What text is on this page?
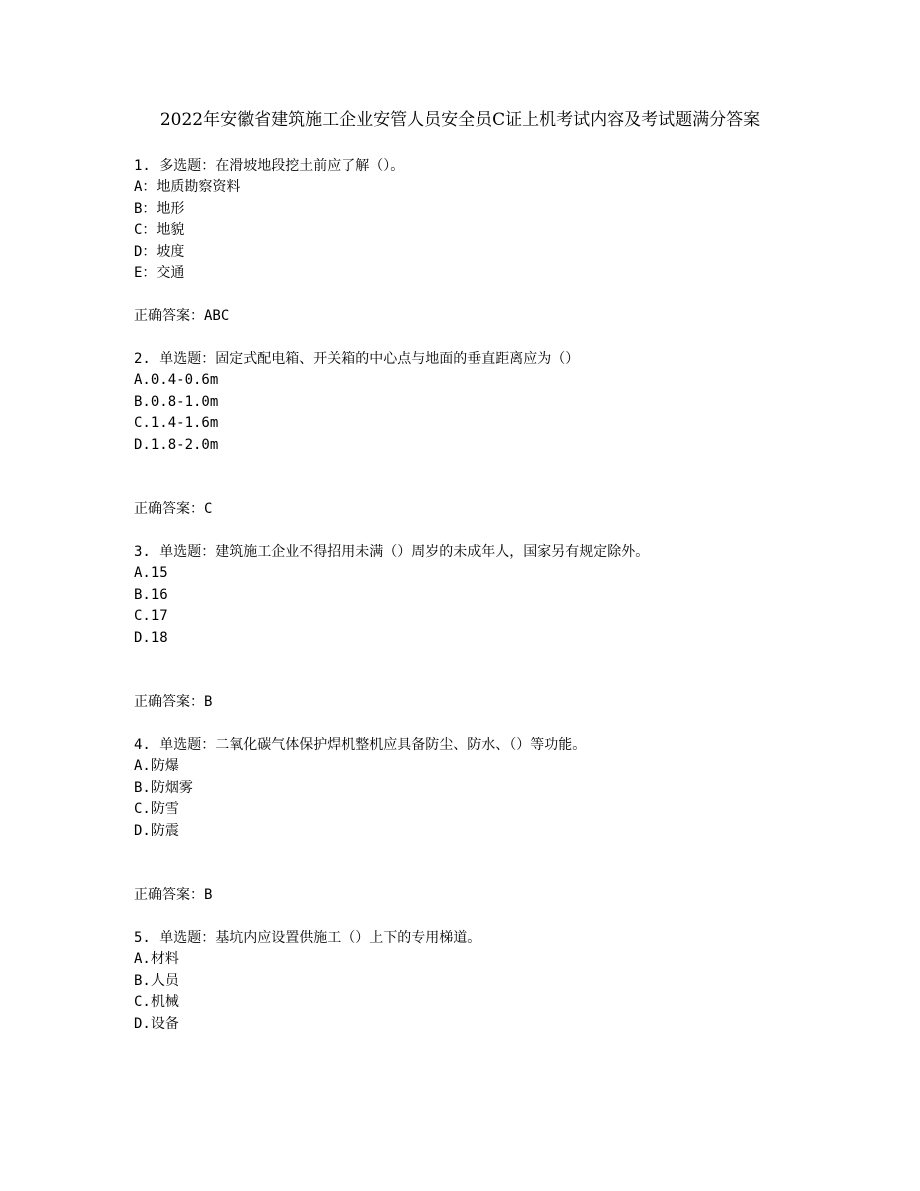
2022年安徽省建筑施工企业安管人员安全员C证上机考试内容及考试题满分答案
1. 多选题：在滑坡地段挖土前应了解（）。
A：地质勘察资料
B：地形
C：地貌
D：坡度
E：交通
正确答案：ABC
2. 单选题：固定式配电箱、开关箱的中心点与地面的垂直距离应为（）
A.0.4-0.6m
B.0.8-1.0m
C.1.4-1.6m
D.1.8-2.0m
正确答案：C
3. 单选题：建筑施工企业不得招用未满（）周岁的未成年人，国家另有规定除外。
A.15
B.16
C.17
D.18
正确答案：B
4. 单选题：二氧化碳气体保护焊机整机应具备防尘、防水、（）等功能。
A.防爆
B.防烟雾
C.防雪
D.防震
正确答案：B
5. 单选题：基坑内应设置供施工（）上下的专用梯道。
A.材料
B.人员
C.机械
D.设备
